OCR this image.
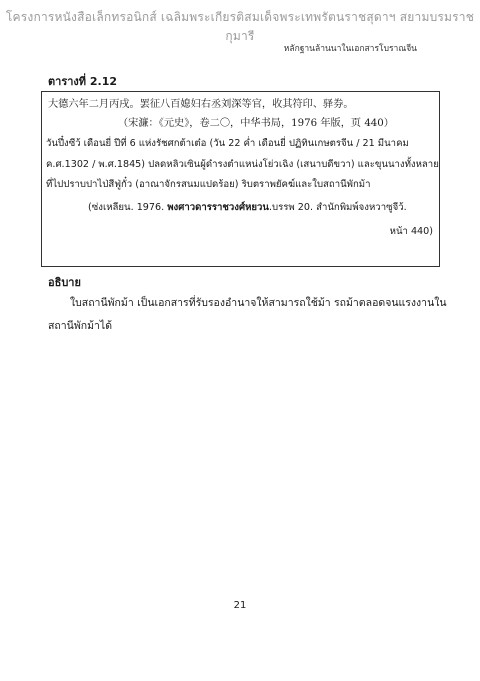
โครงการหนังสือเล็กทรอนิกส์ เฉลิมพระเกียรติสมเด็จพระเทพรัตนราชสุดาฯ สยามบรมราชกุมารี
หลักฐานล้านนาในเอกสารโบราณจีน
ตารางที่ 2.12
大德六年二月丙戌。罢征八百媳妇右丞刘深等官，收其符印、驿券。
（宋濂：《元史》，卷二〇，中华书局，1976 年版，页 440）
วันปึ๋งซีว้ เดือนยี่ ปีที่ 6 แห่งรัชศกต้าเต๋อ (วัน 22 ค่ำ เดือนยี่ ปฏิทินเกษตรจีน / 21 มีนาคม
ค.ศ.1302 / พ.ศ.1845) ปลดหลิวเซินผู้ดำรงตำแหน่งโย่วเฉิง (เสนาบดีขวา) และขุนนางทั้งหลาย
ที่ไปปราบปาไป่สีฟู่กั๋ว (อาณาจักรสนมแปดร้อย) ริบตราพยัคฆ์และใบสถานีพักม้า
(ซ่งเหลียน. 1976. พงศาวดารราชวงศ์หยวน.บรรพ 20. สำนักพิมพ์จงหวาซูจีว้.
หน้า 440)
อธิบาย
ใบสถานีพักม้า เป็นเอกสารที่รับรองอำนาจให้สามารถใช้ม้า รถม้าตลอดจนแรงงานใน
สถานีพักม้าได้
21
